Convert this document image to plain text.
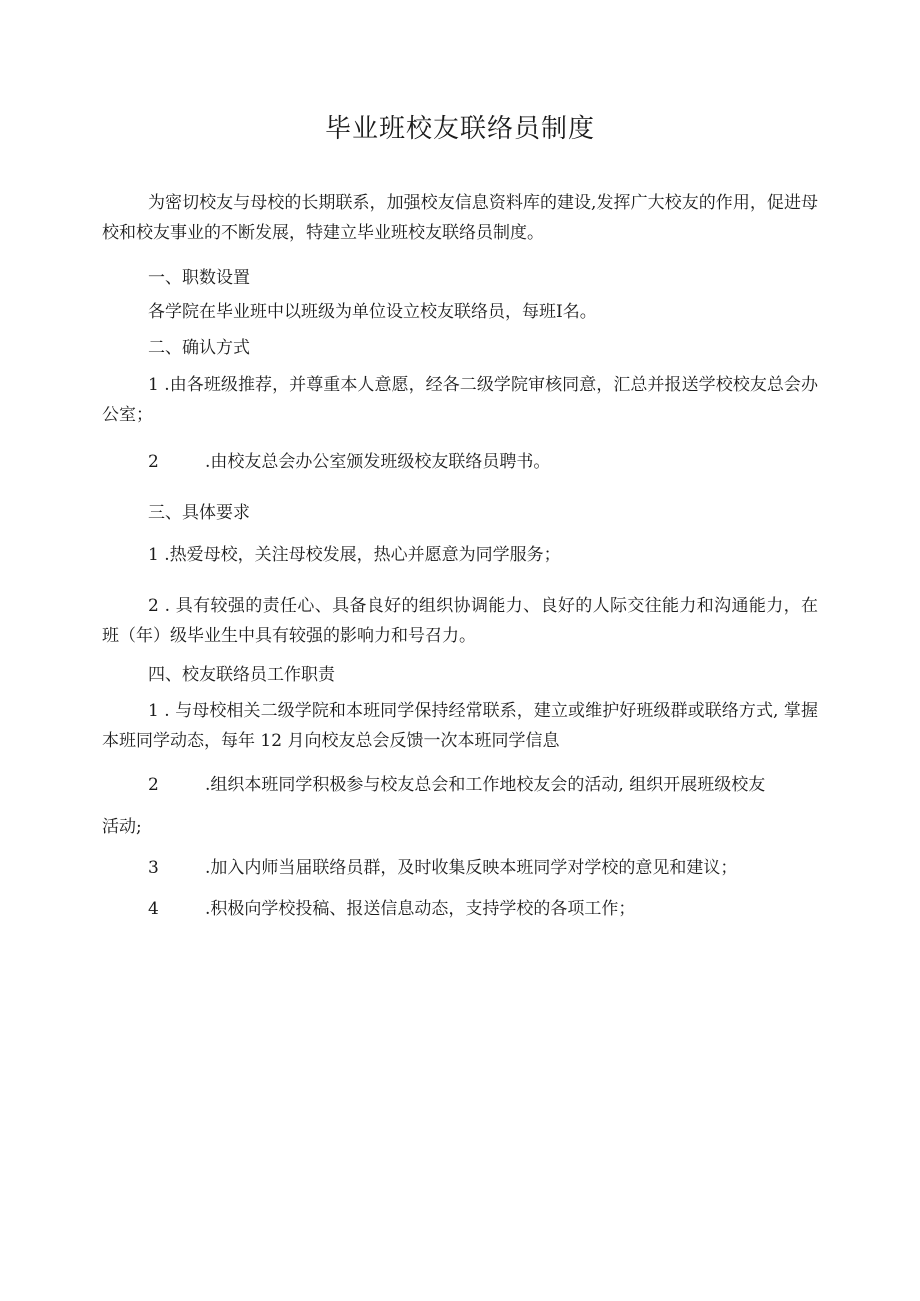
毕业班校友联络员制度

为密切校友与母校的长期联系，加强校友信息资料库的建设,发挥广大校友的作用，促进母校和校友事业的不断发展，特建立毕业班校友联络员制度。

一、职数设置
各学院在毕业班中以班级为单位设立校友联络员，每班I名。
二、确认方式

1 .由各班级推荐，并尊重本人意愿，经各二级学院审核同意，汇总并报送学校校友总会办公室；

2	.由校友总会办公室颁发班级校友联络员聘书。
三、具体要求
1 .热爱母校，关注母校发展，热心并愿意为同学服务；

2 . 具有较强的责任心、具备良好的组织协调能力、良好的人际交往能力和沟通能力，在班（年）级毕业生中具有较强的影响力和号召力。

四、校友联络员工作职责

1 . 与母校相关二级学院和本班同学保持经常联系，建立或维护好班级群或联络方式, 掌握本班同学动态，每年 12 月向校友总会反馈一次本班同学信息

2	.组织本班同学积极参与校友总会和工作地校友会的活动, 组织开展班级校友
活动;
3	.加入内师当届联络员群，及时收集反映本班同学对学校的意见和建议；
4	.积极向学校投稿、报送信息动态，支持学校的各项工作；
